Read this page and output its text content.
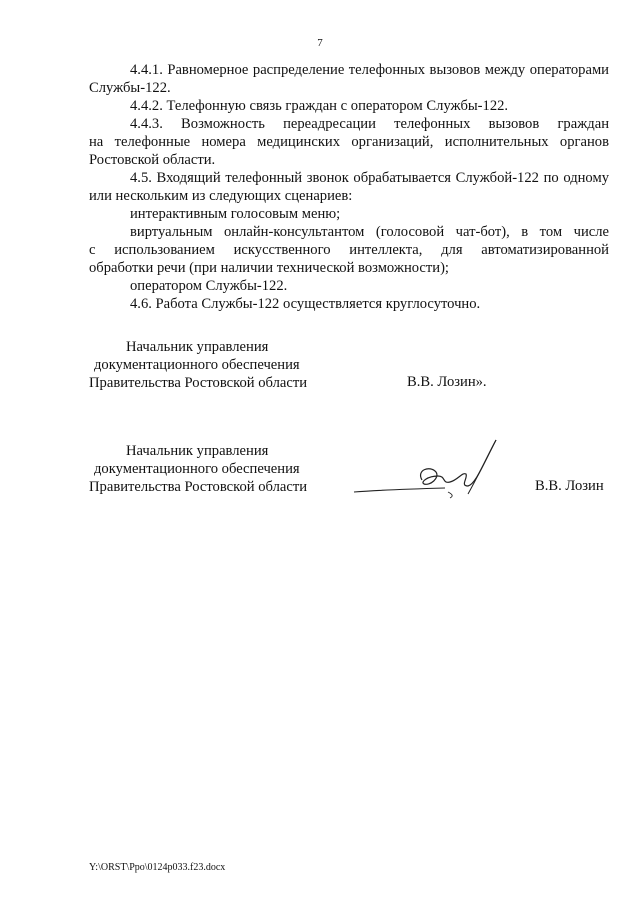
7

4.4.1. Равномерное распределение телефонных вызовов между операторами Службы-122.

4.4.2. Телефонную связь граждан с оператором Службы-122.

4.4.3. Возможность переадресации телефонных вызовов граждан

на телефонные номера медицинских организаций, исполнительных органов

Ростовской области.

4.5. Входящий телефонный звонок обрабатывается Службой-122 по одному

или нескольким из следующих сценариев:

интерактивным голосовым меню;

виртуальным онлайн-консультантом (голосовой чат-бот), в том числе

с использованием искусственного интеллекта, для автоматизированной

обработки речи (при наличии технической возможности);

оператором Службы-122.

4.6. Работа Службы-122 осуществляется круглосуточно.

Начальник управления
документационного обеспечения
Правительства Ростовской области	В.В. Лозин».
Начальник управления
документационного обеспечения
Правительства Ростовской области	В.В. Лозин
Y:\ORST\Ppo\0124p033.f23.docx
